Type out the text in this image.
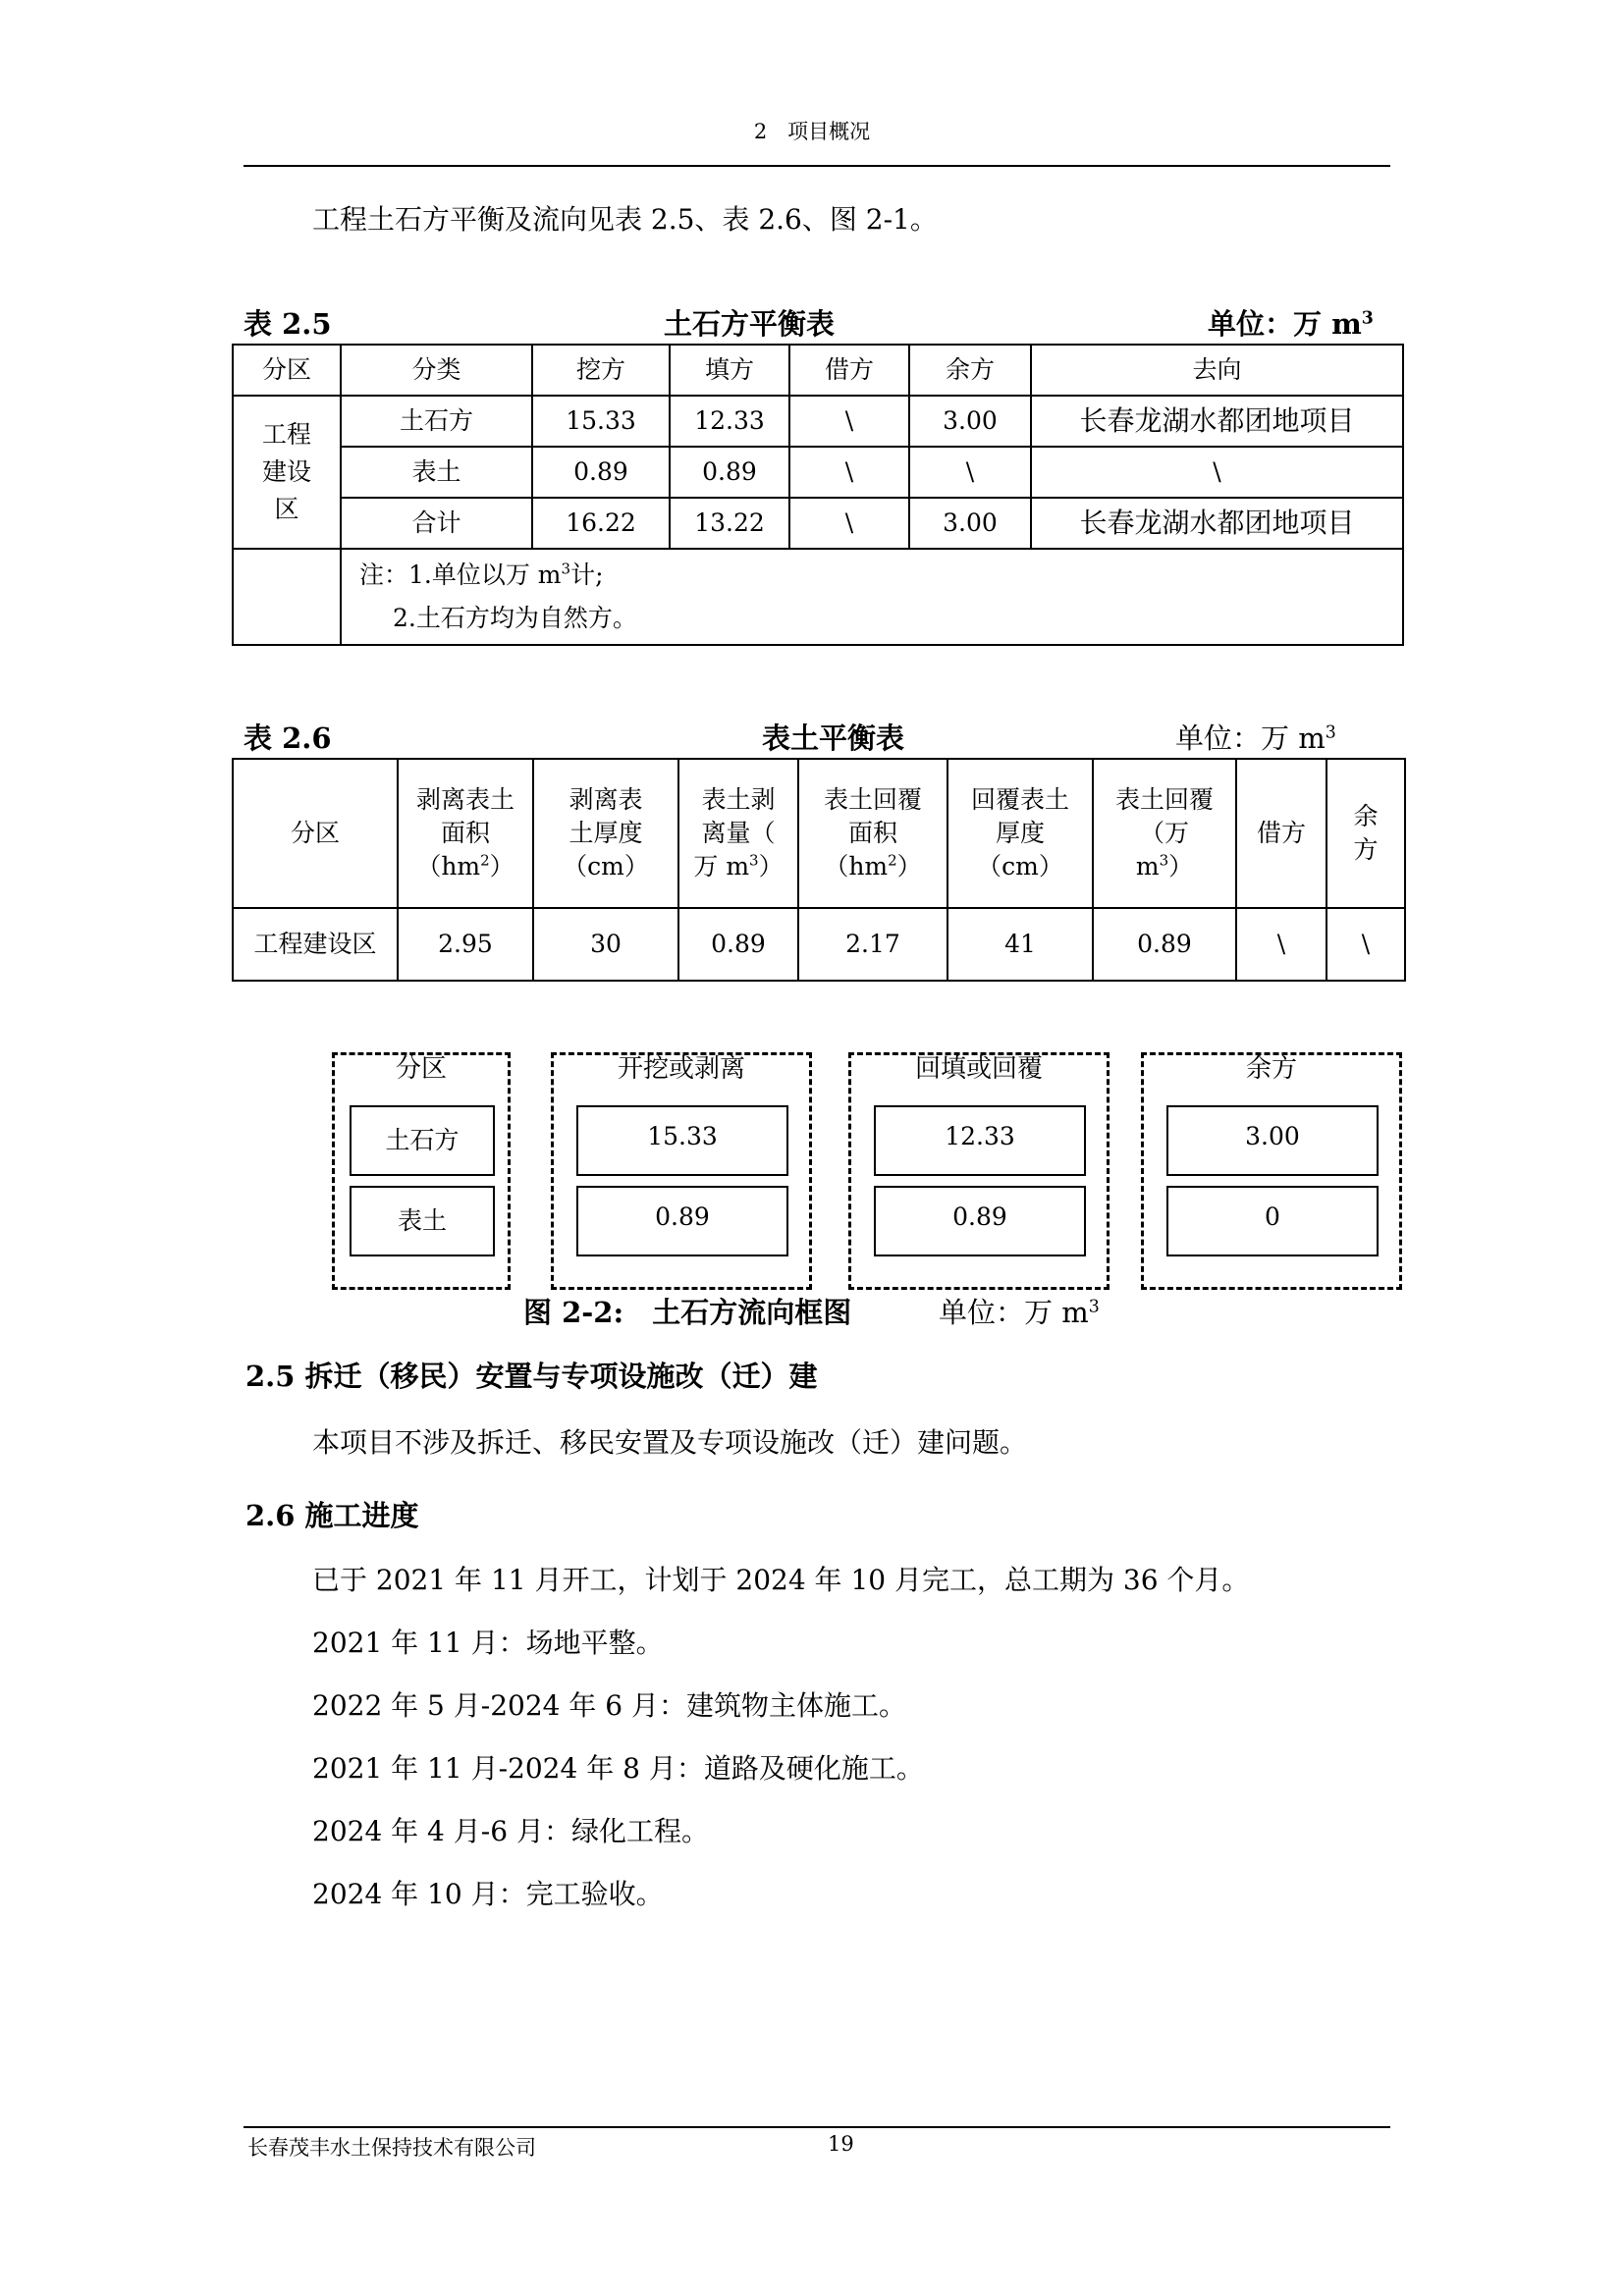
2　项目概况
工程土石方平衡及流向见表 2.5、表 2.6、图 2-1。
表 2.5	土石方平衡表	单位：万 $m^3$
分区	分类	挖方	填方	借方	余方	去向
工程建设区	土石方	15.33	12.33	\	3.00	长春龙湖水都团地项目
	表土	0.89	0.89	\	\	\
	合计	16.22	13.22	\	3.00	长春龙湖水都团地项目

	注：1.单位以万 $m^3$计;
2.土石方均为自然方。					
表 2.6	表土平衡表	单位：万 $m^3$
分区	剥离表土面积$(hm^2)$	剥离表土厚度（cm）	表土剥离量（ 万 $m^3$）	表土回覆面积$(hm^2)$	回覆表土厚度（cm）	表土回覆（万 $m^3$）	借方	余方
工程建设区	2.95	30	0.89	2.17	41	0.89	\	\
分区
土石方
表土
开挖或剥离
15.33
0.89
回填或回覆
12.33
0.89
余方
3.00
0
图 2-2:　土石方流向框图	单位：万 $m^3$
2.5 拆迁（移民）安置与专项设施改（迁）建
本项目不涉及拆迁、移民安置及专项设施改（迁）建问题。
2.6 施工进度
已于 2021 年 11 月开工，计划于 2024 年 10 月完工，总工期为 36 个月。
2021 年 11 月：场地平整。
2022 年 5 月-2024 年 6 月：建筑物主体施工。
2021 年 11 月-2024 年 8 月：道路及硬化施工。
2024 年 4 月-6 月：绿化工程。
2024 年 10 月：完工验收。
长春茂丰水土保持技术有限公司	19
